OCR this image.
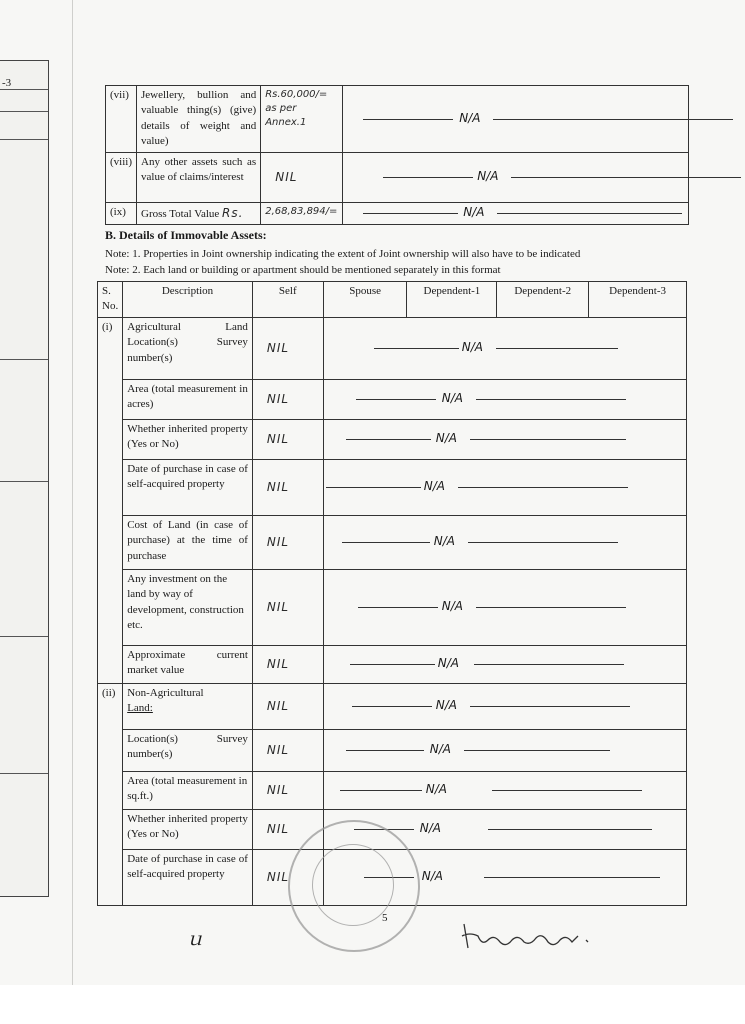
-3
(vii)	Jewellery, bullion and valuable thing(s) (give) details of weight and value)	Rs.60,000/= as per Annex.1	N/A

(viii)	Any other assets such as value of claims/interest	NIL	N/A

(ix)	Gross Total Value Rs.	2,68,83,894/=	N/A
B. Details of Immovable Assets:
Note: 1. Properties in Joint ownership indicating the extent of Joint ownership will also have to be indicated
Note: 2. Each land or building or apartment should be mentioned separately in this format
S. No.	Description	Self	Spouse	Dependent-1	Dependent-2	Dependent-3
(i)	Agricultural Land Location(s) Survey number(s)	NIL	N/A			

	Area (total measurement in acres)	NIL	N/A			

	Whether inherited property (Yes or No)	NIL	N/A			

	Date of purchase in case of self-acquired property	NIL	N/A			

	Cost of Land (in case of purchase) at the time of purchase	NIL	N/A			

	Any investment on the land by way of development, construction etc.	NIL	N/A			

	Approximate current market value	NIL	N/A			

(ii)	Non-Agricultural
Land:	NIL	N/A			

	Location(s) Survey number(s)	NIL	N/A			

	Area (total measurement in sq.ft.)	NIL	N/A			

	Whether inherited property (Yes or No)	NIL	N/A			

	Date of purchase in case of self-acquired property	NIL	N/A			
5
ｕ
